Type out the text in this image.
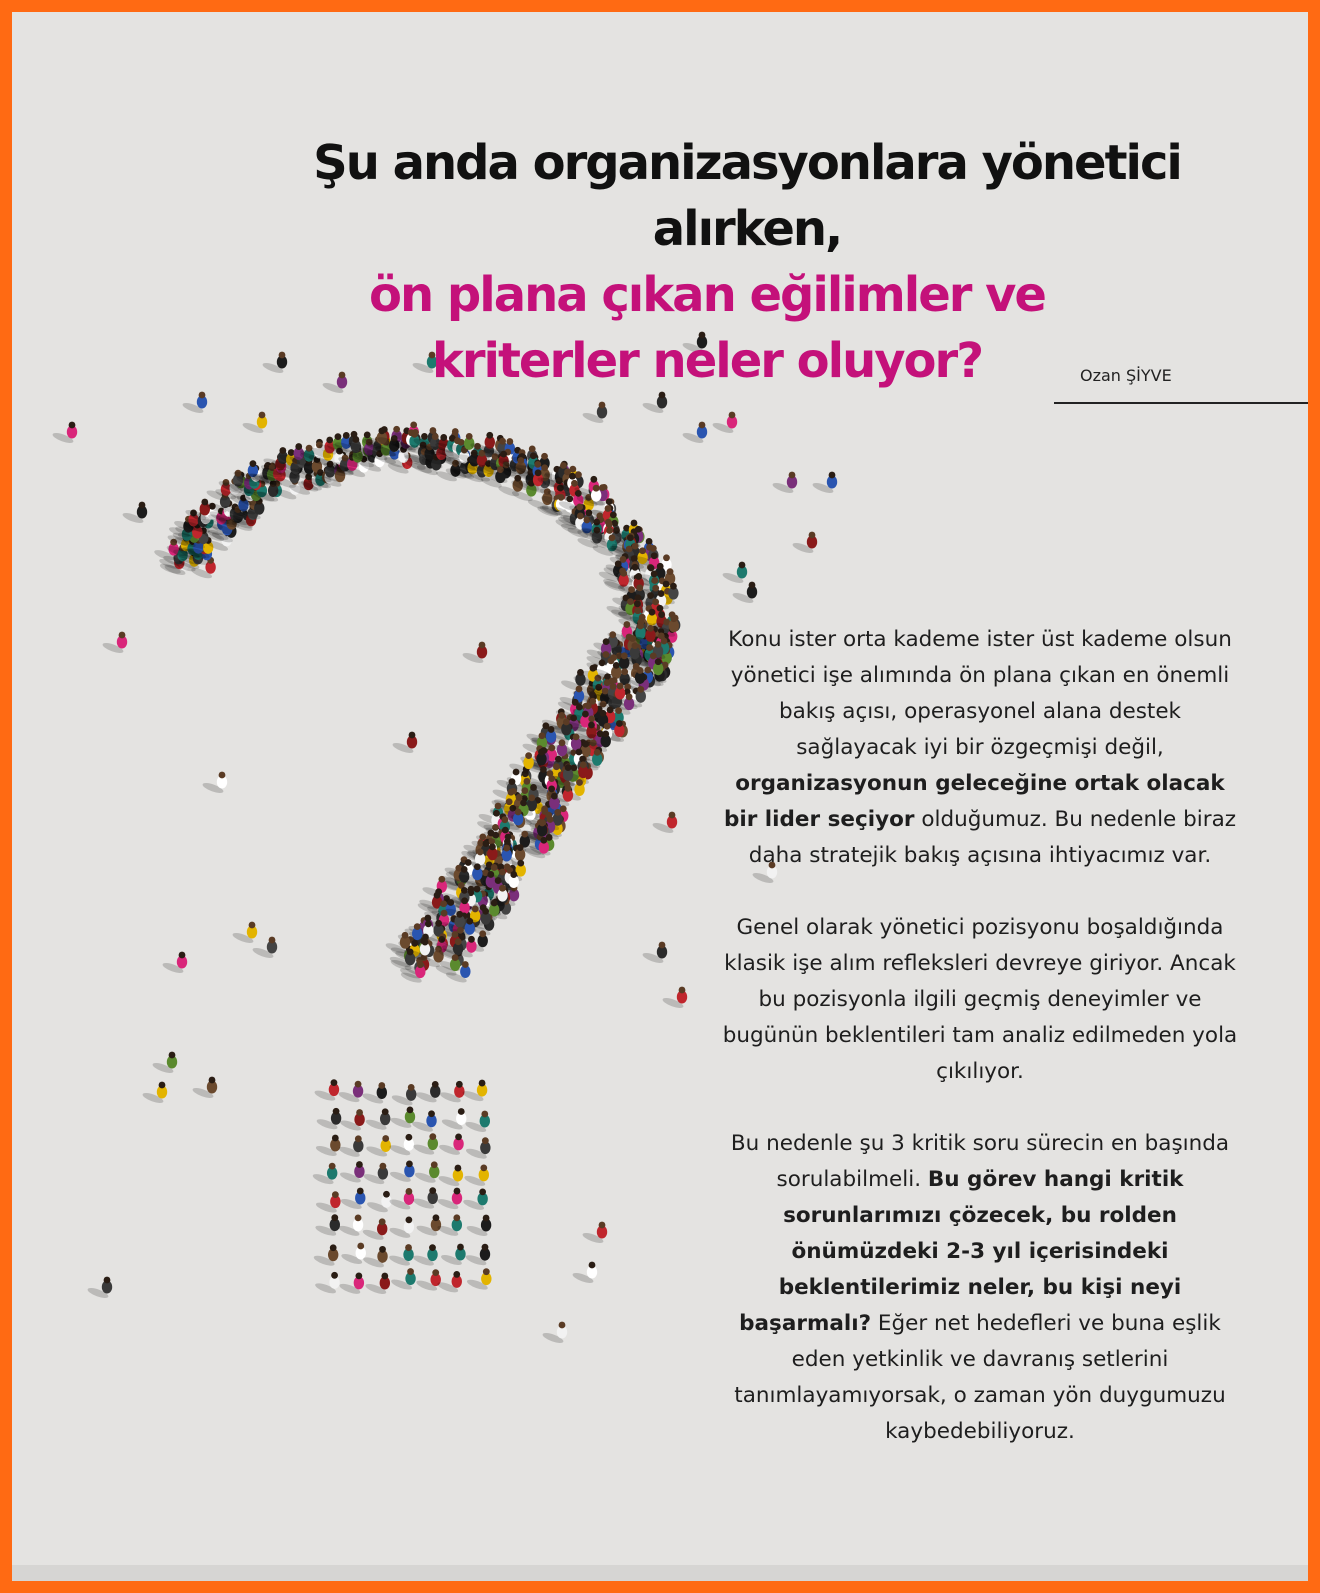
Şu anda organizasyonlara yönetici alırken,
ön plana çıkan eğilimler ve
kriterler neler oluyor?	Ozan ŞİYVE

Konu ister orta kademe ister üst kademe olsun yönetici işe alımında ön plana çıkan en önemli bakış açısı, operasyonel alana destek sağlayacak iyi bir özgeçmişi değil, organizasyonun geleceğine ortak olacak bir lider seçiyor olduğumuz. Bu nedenle biraz daha stratejik bakış açısına ihtiyacımız var.

Genel olarak yönetici pozisyonu boşaldığında klasik işe alım refleksleri devreye giriyor. Ancak bu pozisyonla ilgili geçmiş deneyimler ve bugünün beklentileri tam analiz edilmeden yola çıkılıyor.

Bu nedenle şu 3 kritik soru sürecin en başında sorulabilmeli. Bu görev hangi kritik sorunlarımızı çözecek, bu rolden önümüzdeki 2-3 yıl içerisindeki beklentilerimiz neler, bu kişi neyi başarmalı? Eğer net hedefleri ve buna eşlik eden yetkinlik ve davranış setlerini tanımlayamıyorsak, o zaman yön duygumuzu kaybedebiliyoruz.
